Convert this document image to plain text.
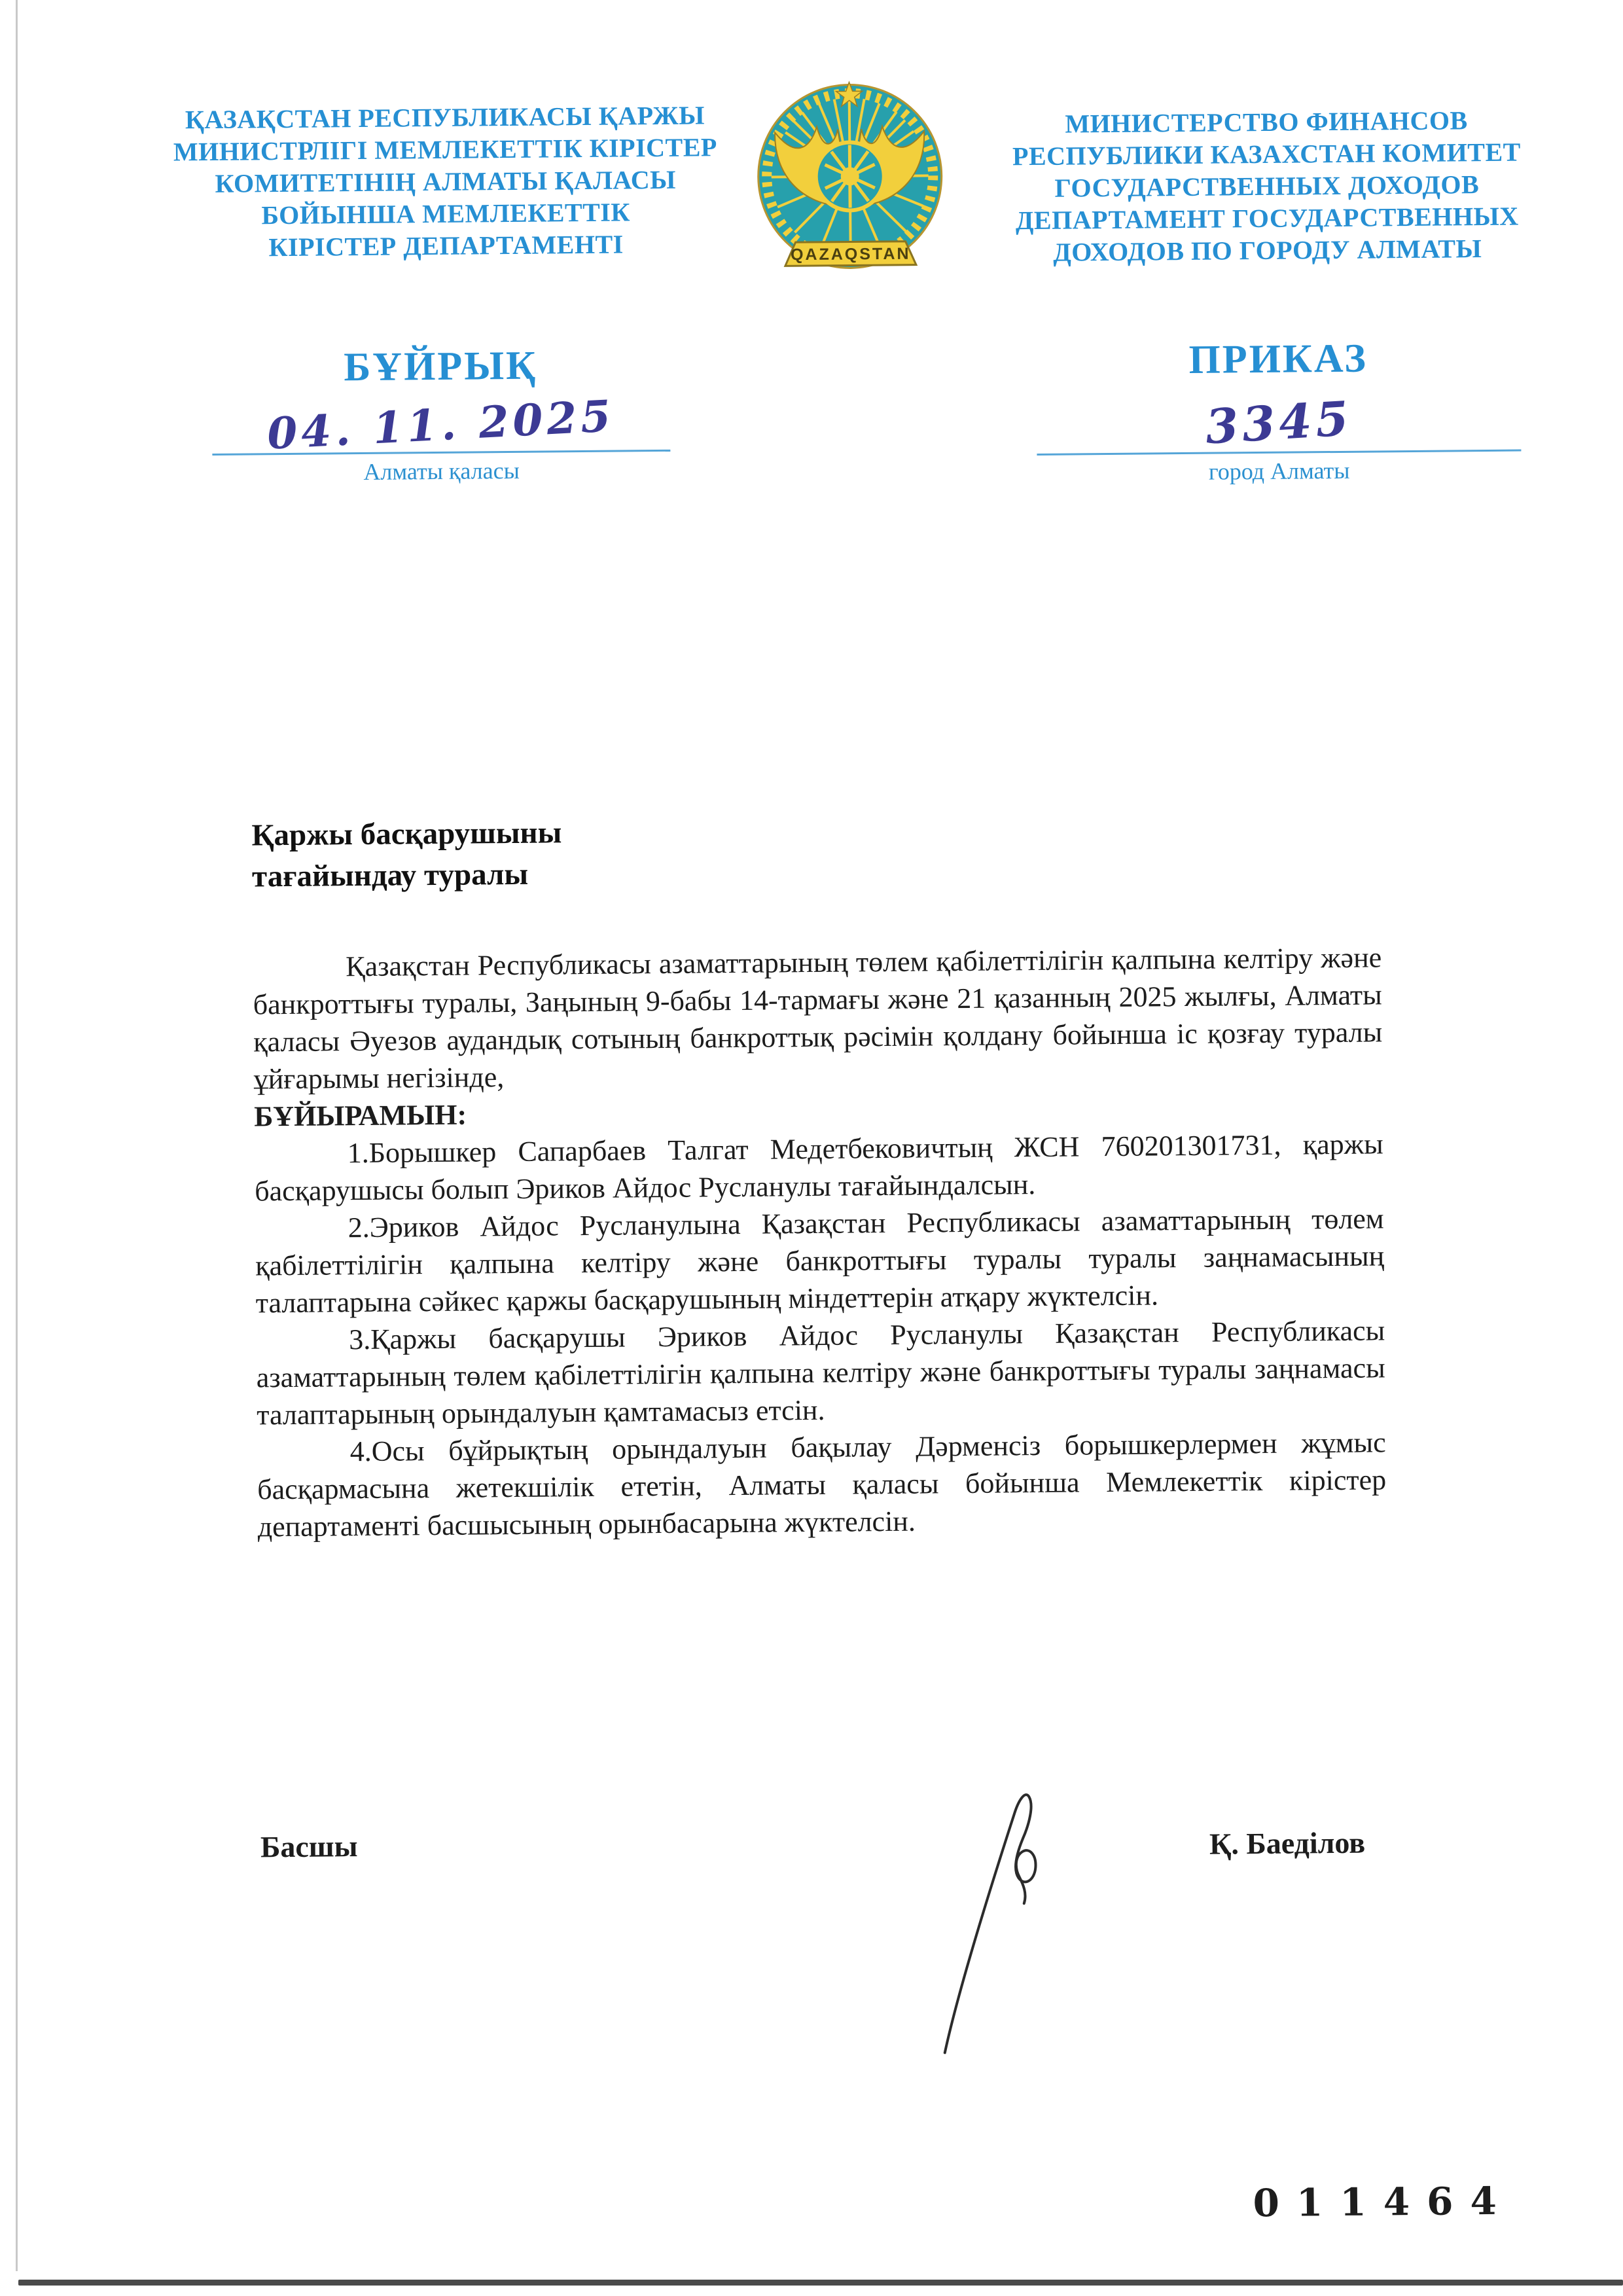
ҚАЗАҚСТАН РЕСПУБЛИКАСЫ ҚАРЖЫ
МИНИСТРЛІГІ МЕМЛЕКЕТТІК КІРІСТЕР
КОМИТЕТІНІҢ АЛМАТЫ ҚАЛАСЫ
БОЙЫНША МЕМЛЕКЕТТІК
КІРІСТЕР ДЕПАРТАМЕНТІ	QAZAQSTAN
МИНИСТЕРСТВО ФИНАНСОВ
РЕСПУБЛИКИ КАЗАХСТАН КОМИТЕТ
ГОСУДАРСТВЕННЫХ ДОХОДОВ
ДЕПАРТАМЕНТ ГОСУДАРСТВЕННЫХ
ДОХОДОВ ПО ГОРОДУ АЛМАТЫ
БҰЙРЫҚ
04. 11. 2025
Алматы қаласы
ПРИКАЗ
3345
город Алматы
Қаржы басқарушыны
тағайындау туралы

Қазақстан Республикасы азаматтарының төлем қабілеттілігін қалпына келтіру және банкроттығы туралы, Заңының 9-бабы 14-тармағы және 21 қазанның 2025 жылғы, Алматы қаласы Әуезов аудандық сотының банкроттық рәсімін қолдану бойынша іс қозғау туралы ұйғарымы негізінде,

БҰЙЫРАМЫН:

1.Борышкер Сапарбаев Талгат Медетбековичтың ЖСН 760201301731, қаржы басқарушысы болып Эриков Айдос Русланулы тағайындалсын.

2.Эриков Айдос Русланулына Қазақстан Республикасы азаматтарының төлем қабілеттілігін қалпына келтіру және банкроттығы туралы туралы заңнамасының талаптарына сәйкес қаржы басқарушының міндеттерін атқару жүктелсін.

3.Қаржы басқарушы Эриков Айдос Русланулы Қазақстан Республикасы азаматтарының төлем қабілеттілігін қалпына келтіру және банкроттығы туралы заңнамасы талаптарының орындалуын қамтамасыз етсін.

4.Осы бұйрықтың орындалуын бақылау Дәрменсіз борышкерлермен жұмыс басқармасына жетекшілік ететін, Алматы қаласы бойынша Мемлекеттік кірістер департаменті басшысының орынбасарына жүктелсін.

Басшы	Қ. Баеділов
011464
